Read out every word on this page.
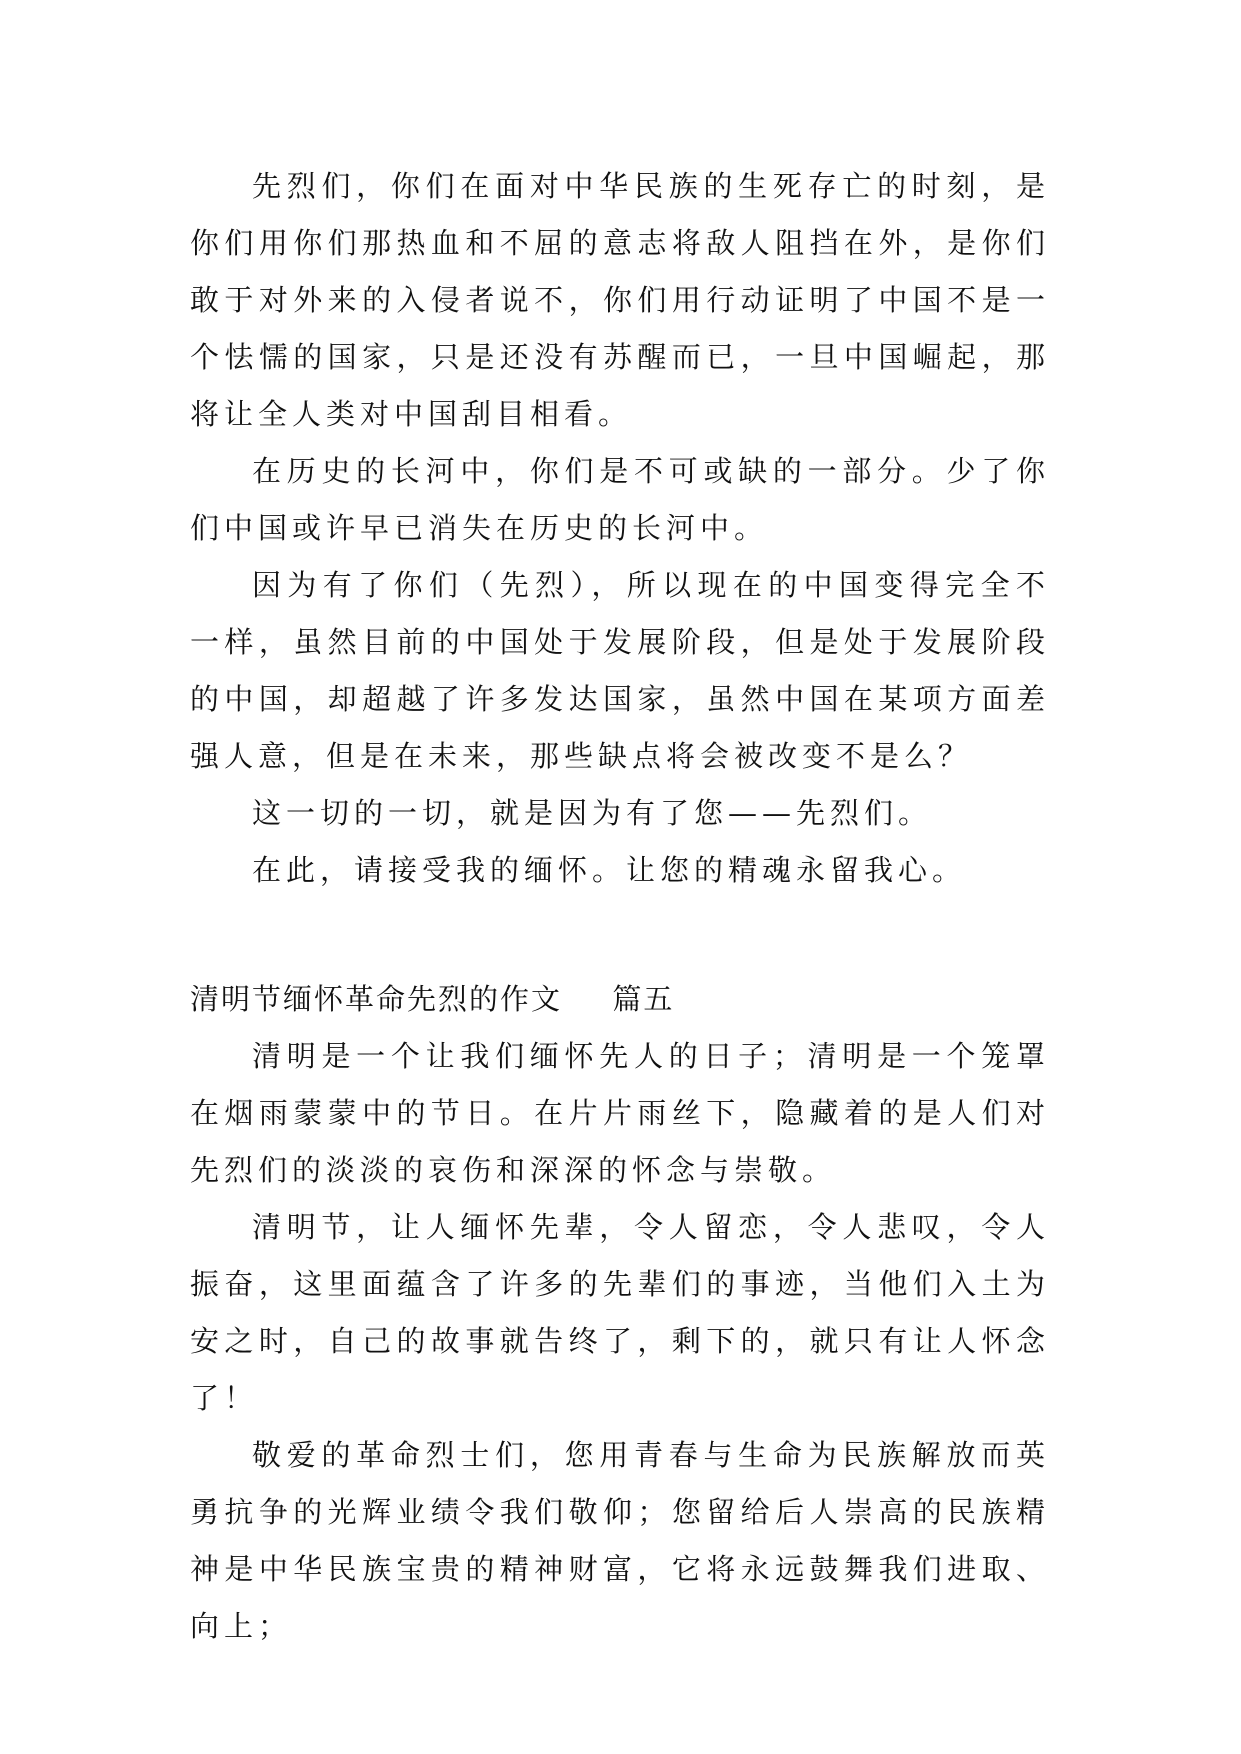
先烈们，你们在面对中华民族的生死存亡的时刻，是你们用你们那热血和不屈的意志将敌人阻挡在外，是你们敢于对外来的入侵者说不，你们用行动证明了中国不是一个怯懦的国家，只是还没有苏醒而已，一旦中国崛起，那将让全人类对中国刮目相看。

在历史的长河中，你们是不可或缺的一部分。少了你们中国或许早已消失在历史的长河中。

因为有了你们（先烈），所以现在的中国变得完全不一样，虽然目前的中国处于发展阶段，但是处于发展阶段的中国，却超越了许多发达国家，虽然中国在某项方面差强人意，但是在未来，那些缺点将会被改变不是么？

这一切的一切，就是因为有了您——先烈们。

在此，请接受我的缅怀。让您的精魂永留我心。

清明节缅怀革命先烈的作文  篇五

清明是一个让我们缅怀先人的日子；清明是一个笼罩在烟雨蒙蒙中的节日。在片片雨丝下，隐藏着的是人们对先烈们的淡淡的哀伤和深深的怀念与崇敬。

清明节，让人缅怀先辈，令人留恋，令人悲叹，令人振奋，这里面蕴含了许多的先辈们的事迹，当他们入土为安之时，自己的故事就告终了，剩下的，就只有让人怀念了！

敬爱的革命烈士们，您用青春与生命为民族解放而英勇抗争的光辉业绩令我们敬仰；您留给后人崇高的民族精神是中华民族宝贵的精神财富，它将永远鼓舞我们进取、向上；
